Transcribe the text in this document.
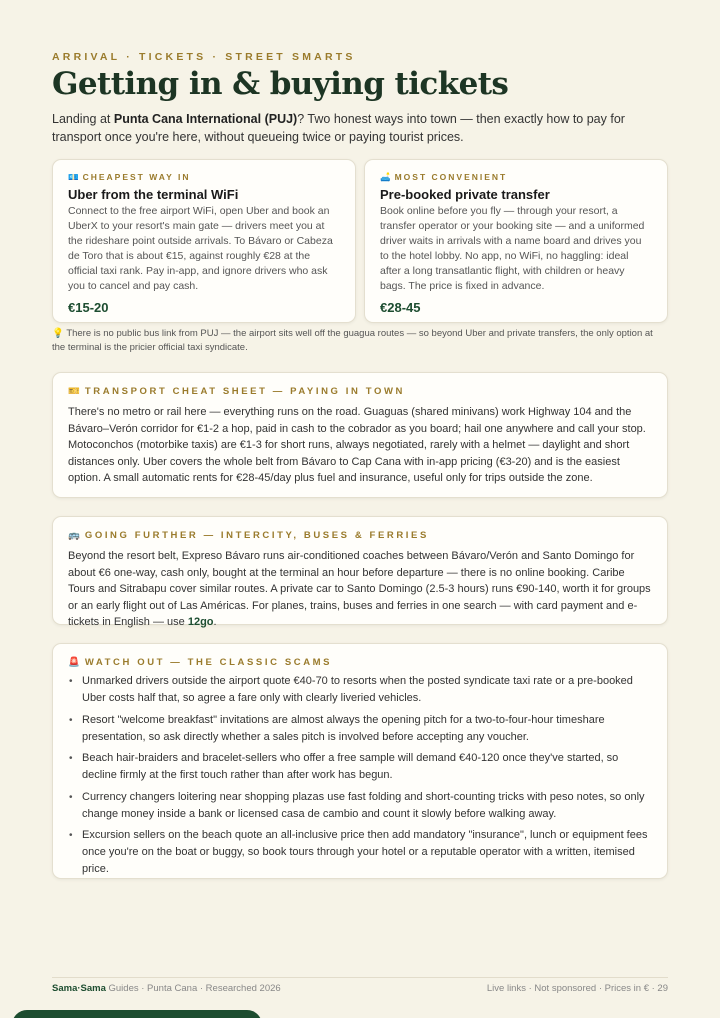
ARRIVAL · TICKETS · STREET SMARTS
Getting in & buying tickets

Landing at Punta Cana International (PUJ)? Two honest ways into town — then exactly how to pay for transport once you're here, without queueing twice or paying tourist prices.

💶 CHEAPEST WAY IN
Uber from the terminal WiFi
Connect to the free airport WiFi, open Uber and book an UberX to your resort's main gate — drivers meet you at the rideshare point outside arrivals. To Bávaro or Cabeza de Toro that is about €15, against roughly €28 at the official taxi rank. Pay in-app, and ignore drivers who ask you to cancel and pay cash.
€15-20
🛋️ MOST CONVENIENT
Pre-booked private transfer
Book online before you fly — through your resort, a transfer operator or your booking site — and a uniformed driver waits in arrivals with a name board and drives you to the hotel lobby. No app, no WiFi, no haggling: ideal after a long transatlantic flight, with children or heavy bags. The price is fixed in advance.
€28-45

💡 There is no public bus link from PUJ — the airport sits well off the guagua routes — so beyond Uber and private transfers, the only option at the terminal is the pricier official taxi syndicate.

🎫 TRANSPORT CHEAT SHEET — PAYING IN TOWN
There's no metro or rail here — everything runs on the road. Guaguas (shared minivans) work Highway 104 and the Bávaro–Verón corridor for €1-2 a hop, paid in cash to the cobrador as you board; hail one anywhere and call your stop. Motoconchos (motorbike taxis) are €1-3 for short runs, always negotiated, rarely with a helmet — daylight and short distances only. Uber covers the whole belt from Bávaro to Cap Cana with in-app pricing (€3-20) and is the easiest option. A small automatic rents for €28-45/day plus fuel and insurance, useful only for trips outside the zone.
🚌 GOING FURTHER — INTERCITY, BUSES & FERRIES
Beyond the resort belt, Expreso Bávaro runs air-conditioned coaches between Bávaro/Verón and Santo Domingo for about €6 one-way, cash only, bought at the terminal an hour before departure — there is no online booking. Caribe Tours and Sitrabapu cover similar routes. A private car to Santo Domingo (2.5-3 hours) runs €90-140, worth it for groups or an early flight out of Las Américas. For planes, trains, buses and ferries in one search — with card payment and e-tickets in English — use 12go.
🚨 WATCH OUT — THE CLASSIC SCAMS
• Unmarked drivers outside the airport quote €40-70 to resorts when the posted syndicate taxi rate or a pre-booked Uber costs half that, so agree a fare only with clearly liveried vehicles.
• Resort "welcome breakfast" invitations are almost always the opening pitch for a two-to-four-hour timeshare presentation, so ask directly whether a sales pitch is involved before accepting any voucher.
• Beach hair-braiders and bracelet-sellers who offer a free sample will demand €40-120 once they've started, so decline firmly at the first touch rather than after work has begun.
• Currency changers loitering near shopping plazas use fast folding and short-counting tricks with peso notes, so only change money inside a bank or licensed casa de cambio and count it slowly before walking away.
• Excursion sellers on the beach quote an all-inclusive price then add mandatory "insurance", lunch or equipment fees once you're on the boat or buggy, so book tours through your hotel or a reputable operator with a written, itemised price.
Sama·Sama Guides · Punta Cana · Researched 2026	Live links · Not sponsored · Prices in € · 29
